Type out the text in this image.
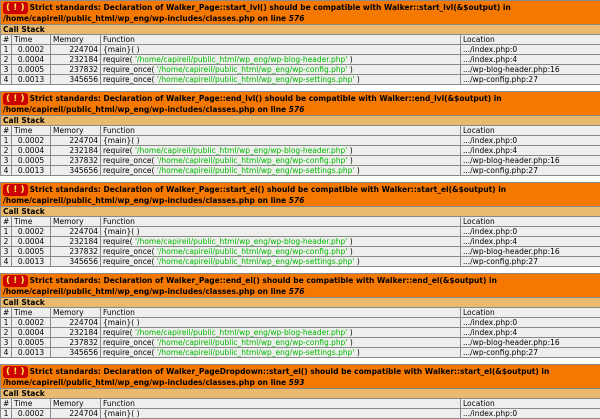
( ! ) Strict standards: Declaration of Walker_Page::start_lvl() should be compatible with Walker::start_lvl(&$output) in
/home/capireil/public_html/wp_eng/wp-includes/classes.php on line 576				
Call Stack				
#	Time	Memory	Function	Location
1	0.0002	224704	{main}( )	.../index.php:0
2	0.0004	232184	require( '/home/capireil/public_html/wp_eng/wp-blog-header.php' )	.../index.php:4
3	0.0005	237832	require_once( '/home/capireil/public_html/wp_eng/wp-config.php' )	.../wp-blog-header.php:16
4	0.0013	345656	require_once( '/home/capireil/public_html/wp_eng/wp-settings.php' )	.../wp-config.php:27
( ! ) Strict standards: Declaration of Walker_Page::end_lvl() should be compatible with Walker::end_lvl(&$output) in
/home/capireil/public_html/wp_eng/wp-includes/classes.php on line 576				
Call Stack				
#	Time	Memory	Function	Location
1	0.0002	224704	{main}( )	.../index.php:0
2	0.0004	232184	require( '/home/capireil/public_html/wp_eng/wp-blog-header.php' )	.../index.php:4
3	0.0005	237832	require_once( '/home/capireil/public_html/wp_eng/wp-config.php' )	.../wp-blog-header.php:16
4	0.0013	345656	require_once( '/home/capireil/public_html/wp_eng/wp-settings.php' )	.../wp-config.php:27
( ! ) Strict standards: Declaration of Walker_Page::start_el() should be compatible with Walker::start_el(&$output) in
/home/capireil/public_html/wp_eng/wp-includes/classes.php on line 576				
Call Stack				
#	Time	Memory	Function	Location
1	0.0002	224704	{main}( )	.../index.php:0
2	0.0004	232184	require( '/home/capireil/public_html/wp_eng/wp-blog-header.php' )	.../index.php:4
3	0.0005	237832	require_once( '/home/capireil/public_html/wp_eng/wp-config.php' )	.../wp-blog-header.php:16
4	0.0013	345656	require_once( '/home/capireil/public_html/wp_eng/wp-settings.php' )	.../wp-config.php:27
( ! ) Strict standards: Declaration of Walker_Page::end_el() should be compatible with Walker::end_el(&$output) in
/home/capireil/public_html/wp_eng/wp-includes/classes.php on line 576				
Call Stack				
#	Time	Memory	Function	Location
1	0.0002	224704	{main}( )	.../index.php:0
2	0.0004	232184	require( '/home/capireil/public_html/wp_eng/wp-blog-header.php' )	.../index.php:4
3	0.0005	237832	require_once( '/home/capireil/public_html/wp_eng/wp-config.php' )	.../wp-blog-header.php:16
4	0.0013	345656	require_once( '/home/capireil/public_html/wp_eng/wp-settings.php' )	.../wp-config.php:27
( ! ) Strict standards: Declaration of Walker_PageDropdown::start_el() should be compatible with Walker::start_el(&$output) in
/home/capireil/public_html/wp_eng/wp-includes/classes.php on line 593				
Call Stack				
#	Time	Memory	Function	Location
1	0.0002	224704	{main}( )	.../index.php:0
